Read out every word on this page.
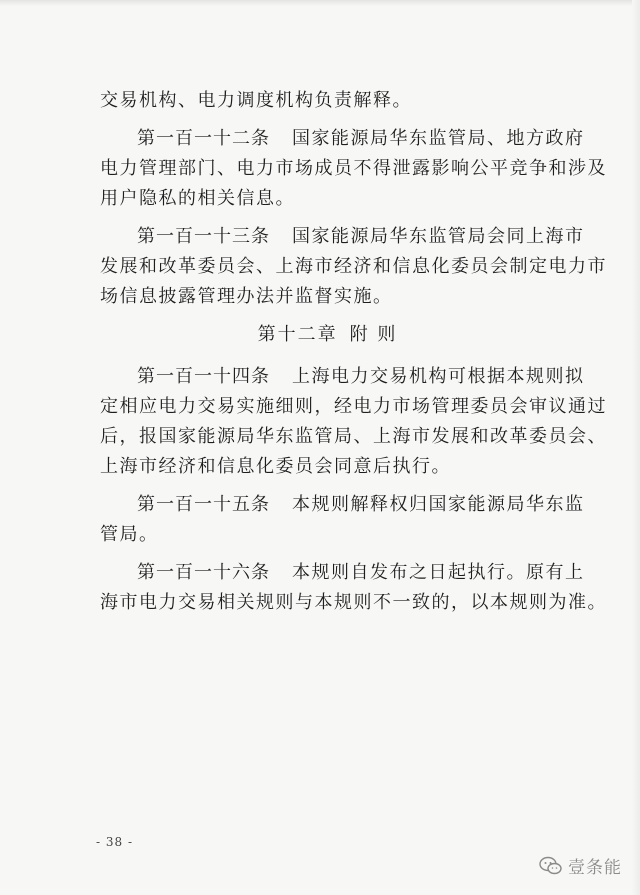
交易机构、电力调度机构负责解释。
第一百一十二条 国家能源局华东监管局、地方政府
电力管理部门、电力市场成员不得泄露影响公平竞争和涉及
用户隐私的相关信息。
第一百一十三条 国家能源局华东监管局会同上海市
发展和改革委员会、上海市经济和信息化委员会制定电力市
场信息披露管理办法并监督实施。
第十二章 附 则
第一百一十四条 上海电力交易机构可根据本规则拟
定相应电力交易实施细则，经电力市场管理委员会审议通过
后，报国家能源局华东监管局、上海市发展和改革委员会、
上海市经济和信息化委员会同意后执行。
第一百一十五条 本规则解释权归国家能源局华东监
管局。
第一百一十六条 本规则自发布之日起执行。原有上
海市电力交易相关规则与本规则不一致的，以本规则为准。
- 38 -
壹条能
